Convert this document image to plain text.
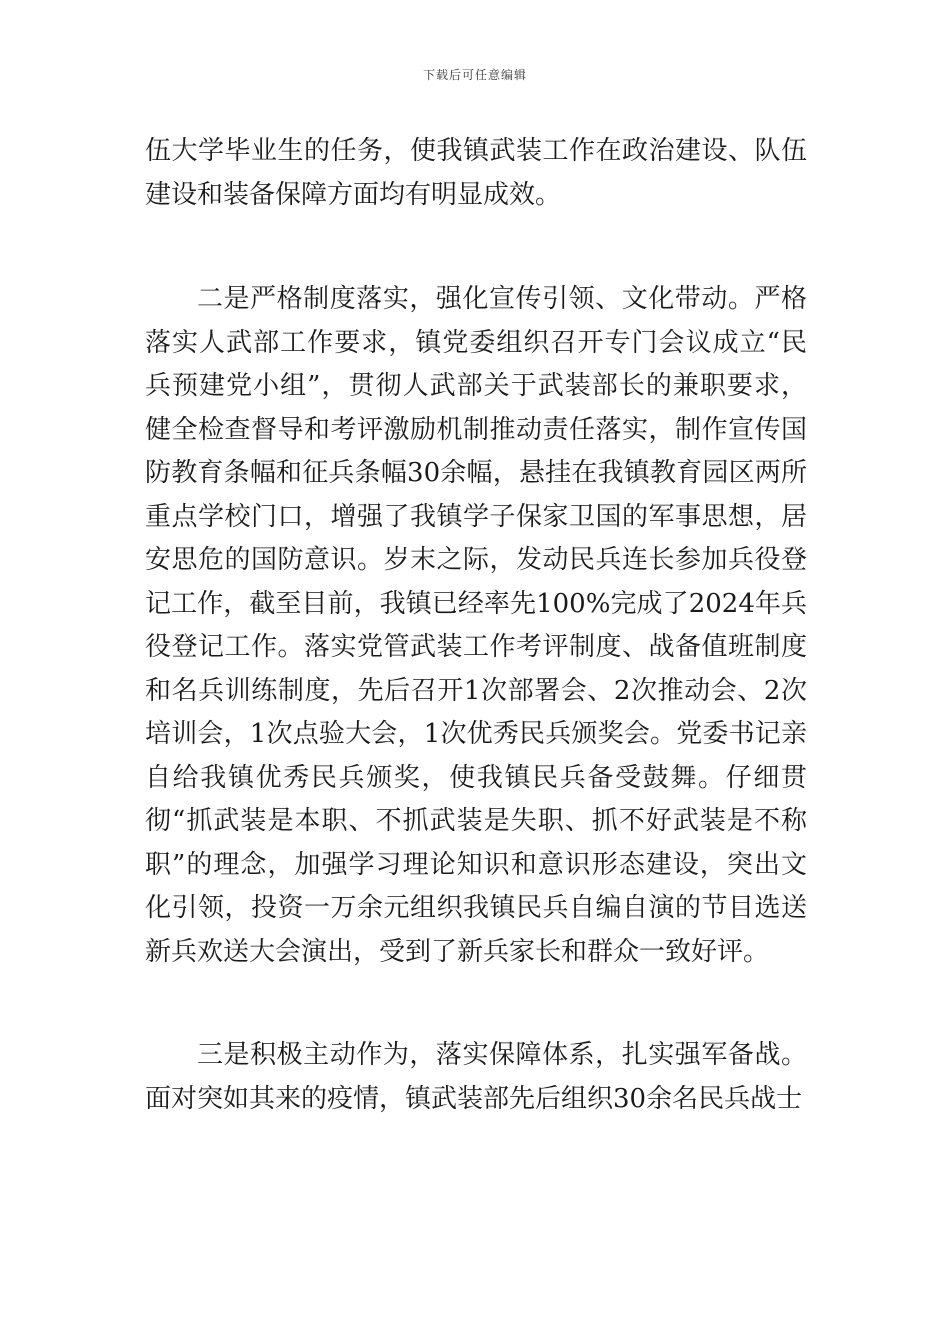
下载后可任意编辑

伍大学毕业生的任务，使我镇武装工作在政治建设、队伍建设和装备保障方面均有明显成效。

二是严格制度落实，强化宣传引领、文化带动。严格落实人武部工作要求，镇党委组织召开专门会议成立“民兵预建党小组”，贯彻人武部关于武装部长的兼职要求，健全检查督导和考评激励机制推动责任落实，制作宣传国防教育条幅和征兵条幅30余幅，悬挂在我镇教育园区两所重点学校门口，增强了我镇学子保家卫国的军事思想，居安思危的国防意识。岁末之际，发动民兵连长参加兵役登记工作，截至目前，我镇已经率先100%完成了2024年兵役登记工作。落实党管武装工作考评制度、战备值班制度和名兵训练制度，先后召开1次部署会、2次推动会、2次培训会，1次点验大会，1次优秀民兵颁奖会。党委书记亲自给我镇优秀民兵颁奖，使我镇民兵备受鼓舞。仔细贯彻“抓武装是本职、不抓武装是失职、抓不好武装是不称职”的理念，加强学习理论知识和意识形态建设，突出文化引领，投资一万余元组织我镇民兵自编自演的节目选送新兵欢送大会演出，受到了新兵家长和群众一致好评。

三是积极主动作为，落实保障体系，扎实强军备战。面对突如其来的疫情，镇武装部先后组织30余名民兵战士
